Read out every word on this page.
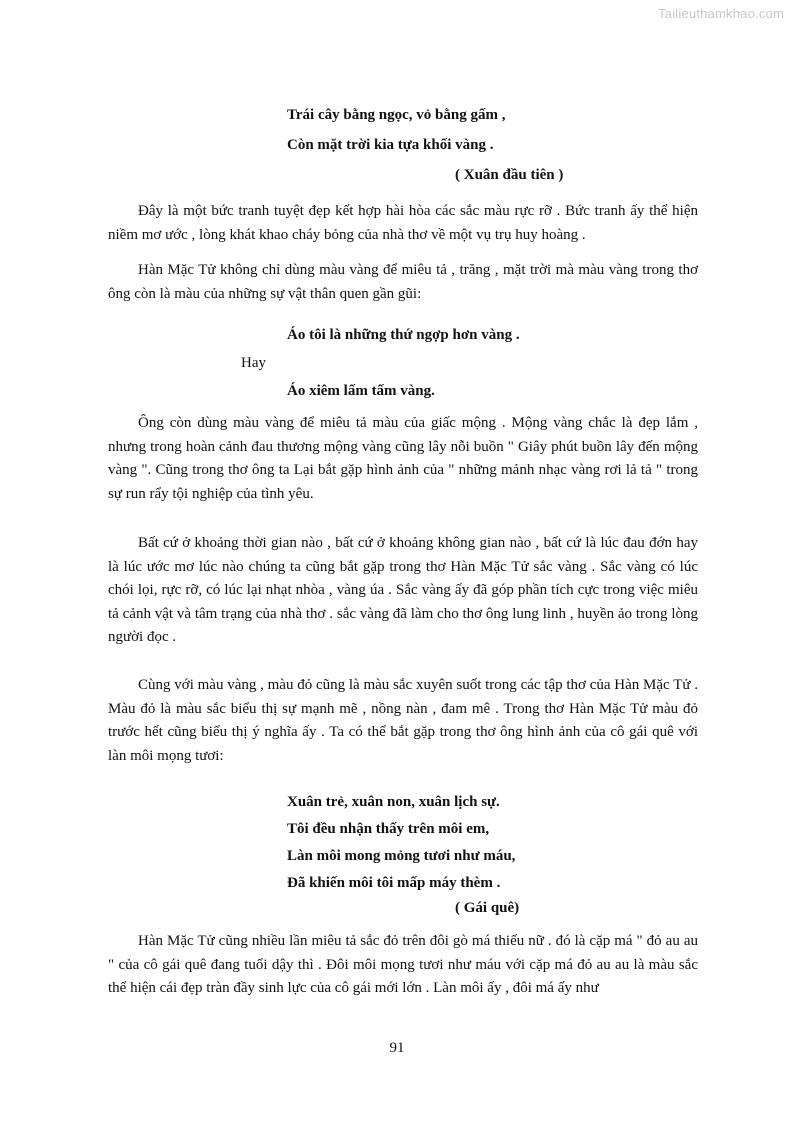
Tailieuthamkhao.com
Trái cây bằng ngọc, vỏ bằng gấm ,
Còn mặt trời kia tựa khối vàng .
( Xuân đầu tiên )
Đây là một bức tranh tuyệt đẹp kết hợp hài hòa các sắc màu rực rỡ . Bức tranh ấy thể hiện niềm mơ ước , lòng khát khao cháy bỏng của nhà thơ về một vụ trụ huy hoàng .
Hàn Mặc Tử không chỉ dùng màu vàng để miêu tả , trăng , mặt trời mà màu vàng trong thơ ông còn là màu của những sự vật thân quen gần gũi:
Áo tôi là những thứ ngợp hơn vàng .
Hay
Áo xiêm lấm tấm vàng.
Ông còn dùng màu vàng để miêu tả màu của giấc mộng . Mộng vàng chắc là đẹp lắm , nhưng trong hoàn cảnh đau thương mộng vàng cũng lây nỗi buồn " Giây phút buồn lây đến mộng vàng ". Cũng trong thơ ông ta Lại bắt gặp hình ảnh của " những mảnh nhạc vàng rơi lả tả " trong sự run rẩy tội nghiệp của tình yêu.
Bất cứ ở khoảng thời gian nào , bất cứ ở khoảng không gian nào , bất cứ là lúc đau đớn hay là lúc ước mơ lúc nào chúng ta cũng bắt gặp trong thơ Hàn Mặc Tử sắc vàng . Sắc vàng có lúc chói lọi, rực rỡ, có lúc lại nhạt nhòa , vàng úa . Sắc vàng ấy đã góp phần tích cực trong việc miêu tả cảnh vật và tâm trạng của nhà thơ . sắc vàng đã làm cho thơ ông lung linh , huyền ảo trong lòng người đọc .
Cùng với màu vàng , màu đỏ cũng là màu sắc xuyên suốt trong các tập thơ của Hàn Mặc Tử . Màu đỏ là màu sắc biểu thị sự mạnh mẽ , nồng nàn , đam mê . Trong thơ Hàn Mặc Tử màu đỏ trước hết cũng biểu thị ý nghĩa ấy . Ta có thể bắt gặp trong thơ ông hình ảnh của cô gái quê với làn môi mọng tươi:
Xuân trẻ, xuân non, xuân lịch sự.
Tôi đều nhận thấy trên môi em,
Làn môi mong mỏng tươi như máu,
Đã khiến môi tôi mấp máy thèm .
( Gái quê)
Hàn Mặc Tử cũng nhiều lần miêu tả sắc đỏ trên đôi gò má thiếu nữ . đó là cặp má " đỏ au au " của cô gái quê đang tuổi dậy thì . Đôi môi mọng tươi như máu với cặp má đỏ au au là màu sắc thể hiện cái đẹp tràn đầy sinh lực của cô gái mới lớn . Làn môi ấy , đôi má ấy như
91
